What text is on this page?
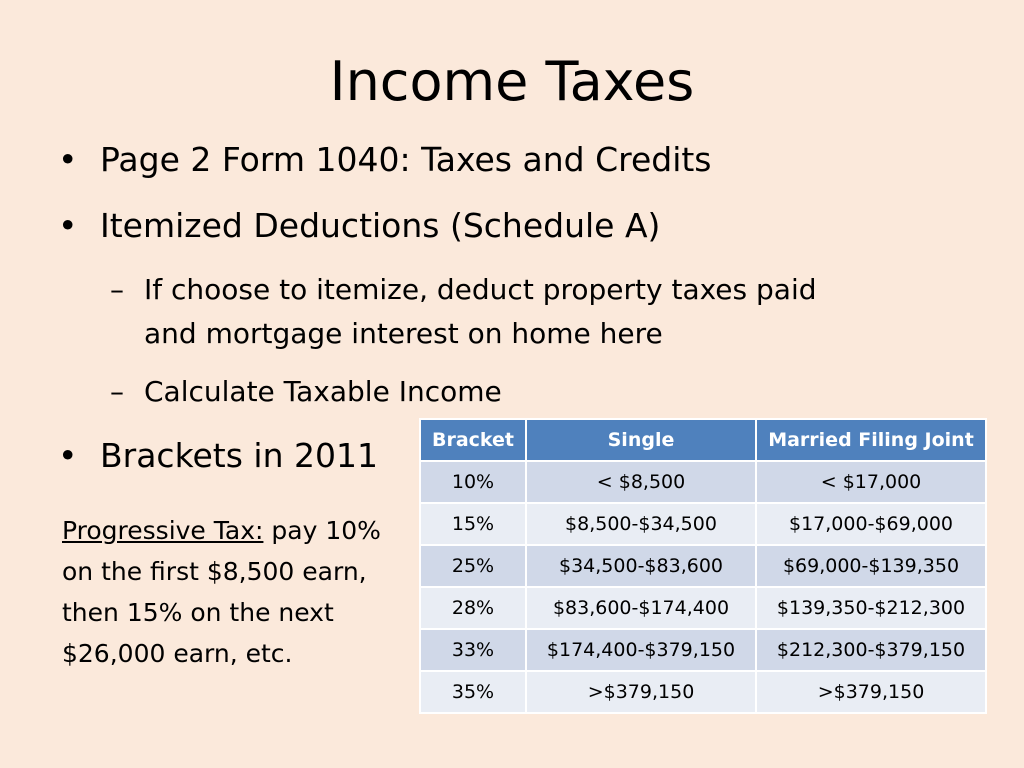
Income Taxes
• Page 2 Form 1040: Taxes and Credits
• Itemized Deductions (Schedule A)
– If choose to itemize, deduct property taxes paid
and mortgage interest on home here
– Calculate Taxable Income
• Brackets in 2011
Progressive Tax: pay 10% on the first $8,500 earn, then 15% on the next $26,000 earn, etc.
Bracket	Single	Married Filing Joint
10%	< $8,500	< $17,000
15%	$8,500-$34,500	$17,000-$69,000
25%	$34,500-$83,600	$69,000-$139,350
28%	$83,600-$174,400	$139,350-$212,300
33%	$174,400-$379,150	$212,300-$379,150
35%	>$379,150	>$379,150
